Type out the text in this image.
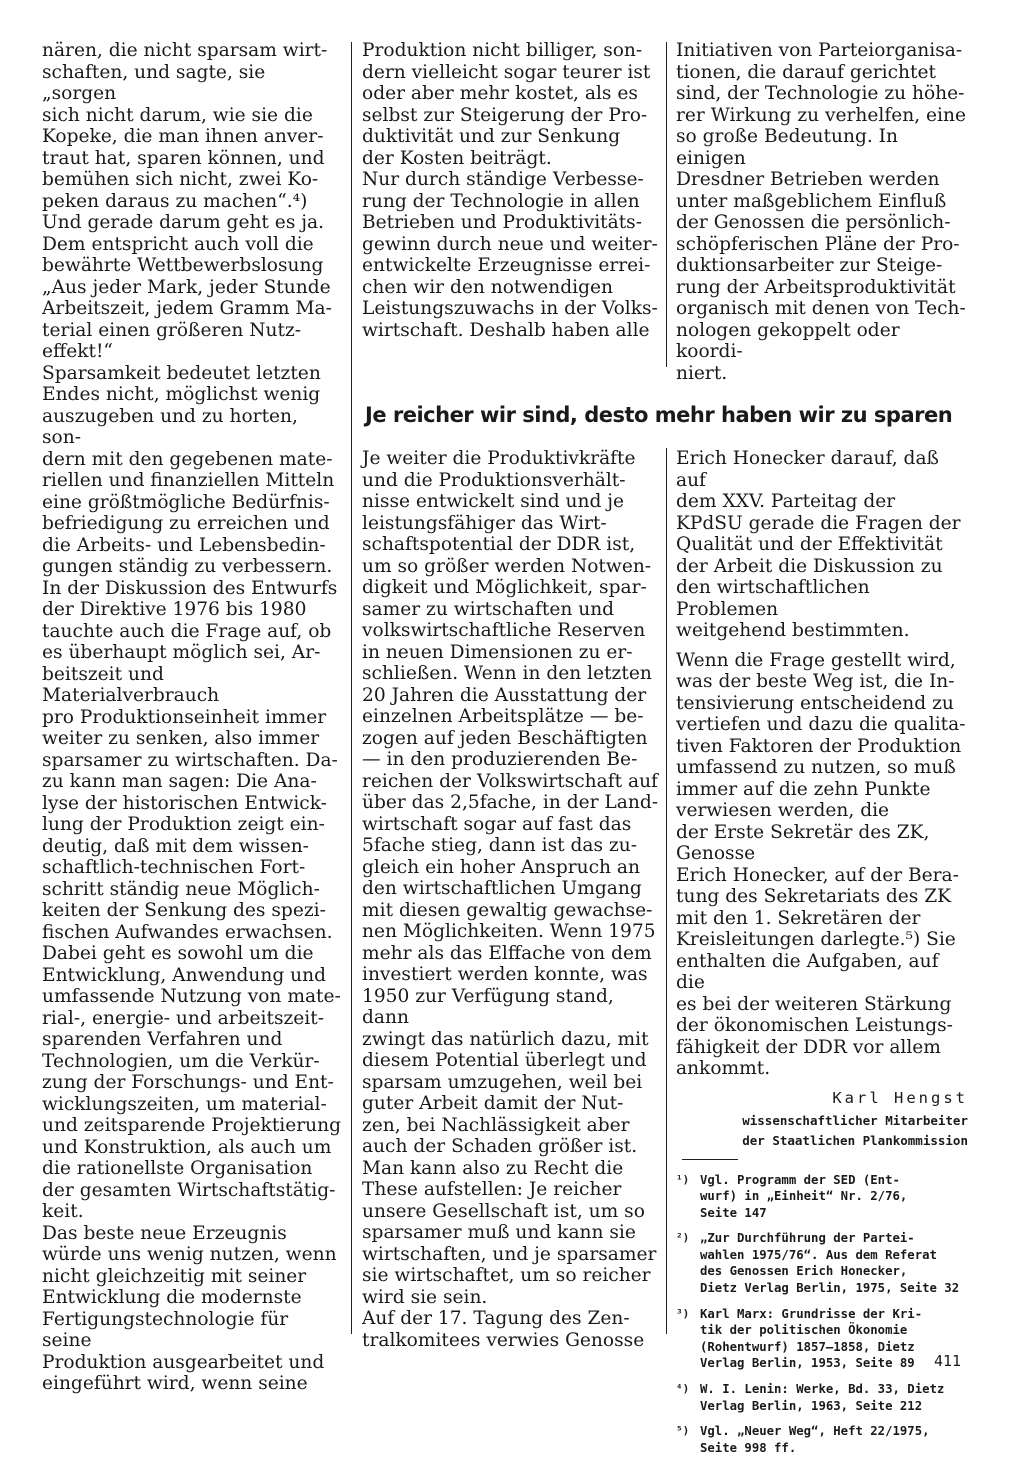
nären, die nicht sparsam wirt-
schaften, und sagte, sie „sorgen
sich nicht darum, wie sie die
Kopeke, die man ihnen anver-
traut hat, sparen können, und
bemühen sich nicht, zwei Ko-
peken daraus zu machen“.⁴)
Und gerade darum geht es ja.
Dem entspricht auch voll die
bewährte Wettbewerbslosung
„Aus jeder Mark, jeder Stunde
Arbeitszeit, jedem Gramm Ma-
terial einen größeren Nutz-
effekt!“

Sparsamkeit bedeutet letzten
Endes nicht, möglichst wenig
auszugeben und zu horten, son-
dern mit den gegebenen mate-
riellen und finanziellen Mitteln
eine größtmögliche Bedürfnis-
befriedigung zu erreichen und
die Arbeits- und Lebensbedin-
gungen ständig zu verbessern.

In der Diskussion des Entwurfs
der Direktive 1976 bis 1980
tauchte auch die Frage auf, ob
es überhaupt möglich sei, Ar-
beitszeit und Materialverbrauch
pro Produktionseinheit immer
weiter zu senken, also immer
sparsamer zu wirtschaften. Da-
zu kann man sagen: Die Ana-
lyse der historischen Entwick-
lung der Produktion zeigt ein-
deutig, daß mit dem wissen-
schaftlich-technischen Fort-
schritt ständig neue Möglich-
keiten der Senkung des spezi-
fischen Aufwandes erwachsen.
Dabei geht es sowohl um die
Entwicklung, Anwendung und
umfassende Nutzung von mate-
rial-, energie- und arbeitszeit-
sparenden Verfahren und
Technologien, um die Verkür-
zung der Forschungs- und Ent-
wicklungszeiten, um material-
und zeitsparende Projektierung
und Konstruktion, als auch um
die rationellste Organisation
der gesamten Wirtschaftstätig-
keit.

Das beste neue Erzeugnis
würde uns wenig nutzen, wenn
nicht gleichzeitig mit seiner
Entwicklung die modernste
Fertigungstechnologie für seine
Produktion ausgearbeitet und
eingeführt wird, wenn seine

Produktion nicht billiger, son-
dern vielleicht sogar teurer ist
oder aber mehr kostet, als es
selbst zur Steigerung der Pro-
duktivität und zur Senkung
der Kosten beiträgt.
Nur durch ständige Verbesse-
rung der Technologie in allen
Betrieben und Produktivitäts-
gewinn durch neue und weiter-
entwickelte Erzeugnisse errei-
chen wir den notwendigen
Leistungszuwachs in der Volks-
wirtschaft. Deshalb haben alle

Initiativen von Parteiorganisa-
tionen, die darauf gerichtet
sind, der Technologie zu höhe-
rer Wirkung zu verhelfen, eine
so große Bedeutung. In einigen
Dresdner Betrieben werden
unter maßgeblichem Einfluß
der Genossen die persönlich-
schöpferischen Pläne der Pro-
duktionsarbeiter zur Steige-
rung der Arbeitsproduktivität
organisch mit denen von Tech-
nologen gekoppelt oder koordi-
niert.

Je reicher wir sind, desto mehr haben wir zu sparen

Je weiter die Produktivkräfte
und die Produktionsverhält-
nisse entwickelt sind und je
leistungsfähiger das Wirt-
schaftspotential der DDR ist,
um so größer werden Notwen-
digkeit und Möglichkeit, spar-
samer zu wirtschaften und
volkswirtschaftliche Reserven
in neuen Dimensionen zu er-
schließen. Wenn in den letzten
20 Jahren die Ausstattung der
einzelnen Arbeitsplätze — be-
zogen auf jeden Beschäftigten
— in den produzierenden Be-
reichen der Volkswirtschaft auf
über das 2,5fache, in der Land-
wirtschaft sogar auf fast das
5fache stieg, dann ist das zu-
gleich ein hoher Anspruch an
den wirtschaftlichen Umgang
mit diesen gewaltig gewachse-
nen Möglichkeiten. Wenn 1975
mehr als das Elffache von dem
investiert werden konnte, was
1950 zur Verfügung stand, dann
zwingt das natürlich dazu, mit
diesem Potential überlegt und
sparsam umzugehen, weil bei
guter Arbeit damit der Nut-
zen, bei Nachlässigkeit aber
auch der Schaden größer ist.

Man kann also zu Recht die
These aufstellen: Je reicher
unsere Gesellschaft ist, um so
sparsamer muß und kann sie
wirtschaften, und je sparsamer
sie wirtschaftet, um so reicher
wird sie sein.

Auf der 17. Tagung des Zen-
tralkomitees verwies Genosse

Erich Honecker darauf, daß auf
dem XXV. Parteitag der
KPdSU gerade die Fragen der
Qualität und der Effektivität
der Arbeit die Diskussion zu
den wirtschaftlichen Problemen
weitgehend bestimmten.

Wenn die Frage gestellt wird,
was der beste Weg ist, die In-
tensivierung entscheidend zu
vertiefen und dazu die qualita-
tiven Faktoren der Produktion
umfassend zu nutzen, so muß
immer auf die zehn Punkte
verwiesen werden, die
der Erste Sekretär des ZK, Genosse
Erich Honecker, auf der Bera-
tung des Sekretariats des ZK
mit den 1. Sekretären der
Kreisleitungen darlegte.⁵) Sie
enthalten die Aufgaben, auf die
es bei der weiteren Stärkung
der ökonomischen Leistungs-
fähigkeit der DDR vor allem
ankommt.

Karl Hengst
wissenschaftlicher Mitarbeiter
der Staatlichen Plankommission
¹) Vgl. Programm der SED (Ent-
wurf) in „Einheit“ Nr. 2/76,
Seite 147
²) „Zur Durchführung der Partei-
wahlen 1975/76“. Aus dem Referat
des Genossen Erich Honecker,
Dietz Verlag Berlin, 1975, Seite 32
³) Karl Marx: Grundrisse der Kri-
tik der politischen Ökonomie
(Rohentwurf) 1857–1858, Dietz
Verlag Berlin, 1953, Seite 89
⁴) W. I. Lenin: Werke, Bd. 33, Dietz
Verlag Berlin, 1963, Seite 212
⁵) Vgl. „Neuer Weg“, Heft 22/1975,
Seite 998 ff.
411
